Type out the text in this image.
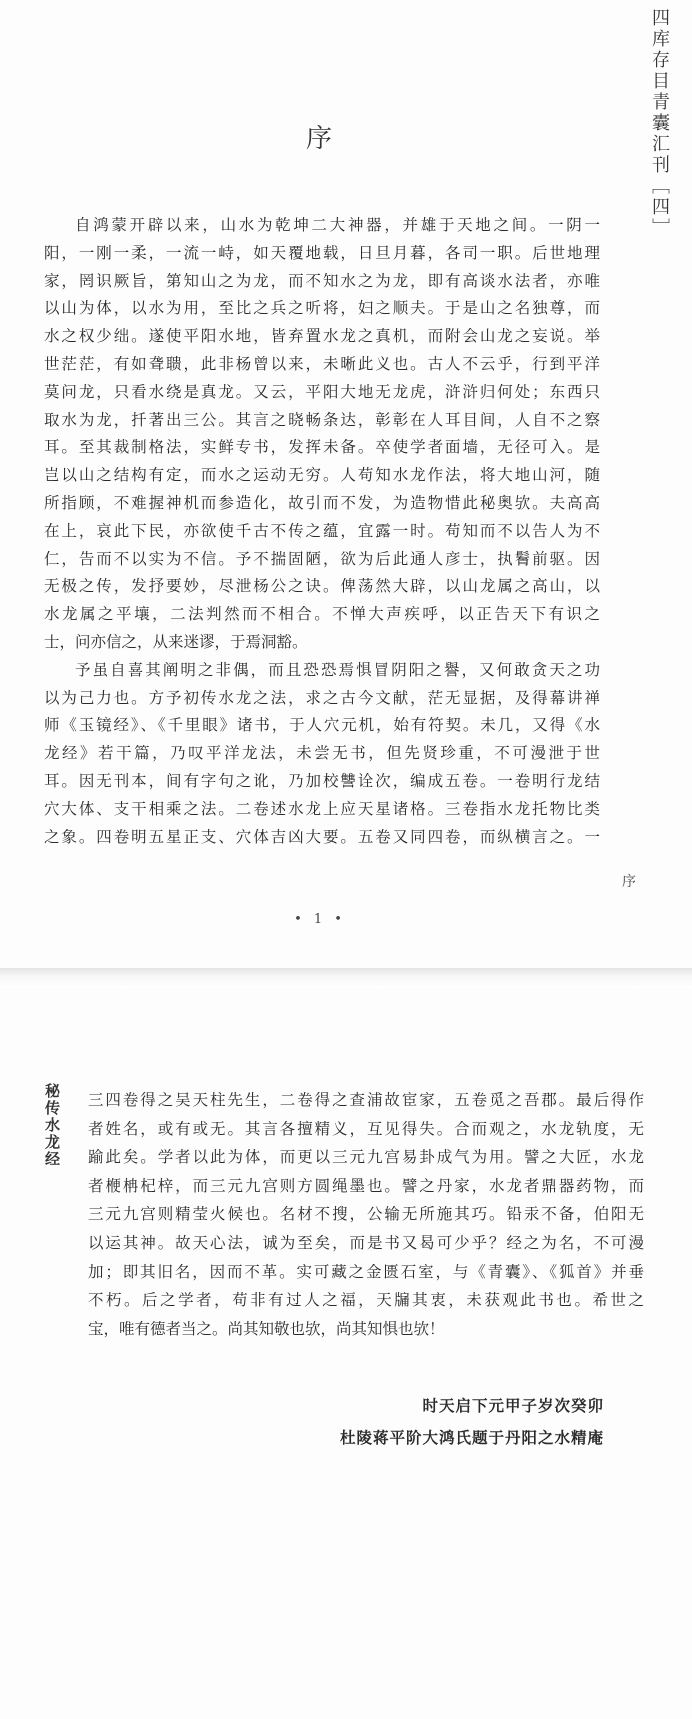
四库存目青囊汇刊［四］
序
自鸿蒙开辟以来，山水为乾坤二大神器，并雄于天地之间。一阴一
阳，一刚一柔，一流一峙，如天覆地载，日旦月暮，各司一职。后世地理
家，罔识厥旨，第知山之为龙，而不知水之为龙，即有高谈水法者，亦唯
以山为体，以水为用，至比之兵之听将，妇之顺夫。于是山之名独尊，而
水之权少绌。遂使平阳水地，皆弃置水龙之真机，而附会山龙之妄说。举
世茫茫，有如聋聩，此非杨曾以来，未晰此义也。古人不云乎，行到平洋
莫问龙，只看水绕是真龙。又云，平阳大地无龙虎，浒浒归何处；东西只
取水为龙，扦著出三公。其言之晓畅条达，彰彰在人耳目间，人自不之察
耳。至其裁制格法，实鲜专书，发挥未备。卒使学者面墙，无径可入。是
岂以山之结构有定，而水之运动无穷。人苟知水龙作法，将大地山河，随
所指顾，不难握神机而参造化，故引而不发，为造物惜此秘奥欤。夫高高
在上，哀此下民，亦欲使千古不传之蕴，宜露一时。苟知而不以告人为不
仁，告而不以实为不信。予不揣固陋，欲为后此通人彦士，执鬌前驱。因
无极之传，发抒要妙，尽泄杨公之诀。俾荡然大辟，以山龙属之高山，以
水龙属之平壤，二法判然而不相合。不惮大声疾呼，以正告天下有识之
士，问亦信之，从来迷谬，于焉洞豁。
予虽自喜其阐明之非偶，而且恐恐焉惧冒阴阳之譽，又何敢贪天之功
以为己力也。方予初传水龙之法，求之古今文献，茫无显据，及得幕讲禅
师《玉镜经》、《千里眼》诸书，于人穴元机，始有符契。未几，又得《水
龙经》若干篇，乃叹平洋龙法，未尝无书，但先贤珍重，不可漫泄于世
耳。因无刊本，间有字句之讹，乃加校讐诠次，编成五卷。一卷明行龙结
穴大体、支干相乘之法。二卷述水龙上应天星诸格。三卷指水龙托物比类
之象。四卷明五星正支、穴体吉凶大要。五卷又同四卷，而纵横言之。一
序
• 1 •
秘传水龙经 三四卷得之吴天柱先生，二卷得之查浦故宦家，五卷觅之吾郡。最后得作
者姓名，或有或无。其言各擅精义，互见得失。合而观之，水龙轨度，无
踰此矣。学者以此为体，而更以三元九宫易卦成气为用。譬之大匠，水龙
者楩柟杞梓，而三元九宫则方圆绳墨也。譬之丹家，水龙者鼎器药物，而
三元九宫则精莹火候也。名材不搜，公输无所施其巧。铅汞不备，伯阳无
以运其神。故天心法，诚为至矣，而是书又曷可少乎？经之为名，不可漫
加；即其旧名，因而不革。实可藏之金匮石室，与《青囊》、《狐首》并垂
不朽。后之学者，苟非有过人之福，天牖其衷，未获观此书也。希世之
宝，唯有德者当之。尚其知敬也欤，尚其知惧也欤！
时天启下元甲子岁次癸卯
杜陵蒋平阶大鸿氏题于丹阳之水精庵
